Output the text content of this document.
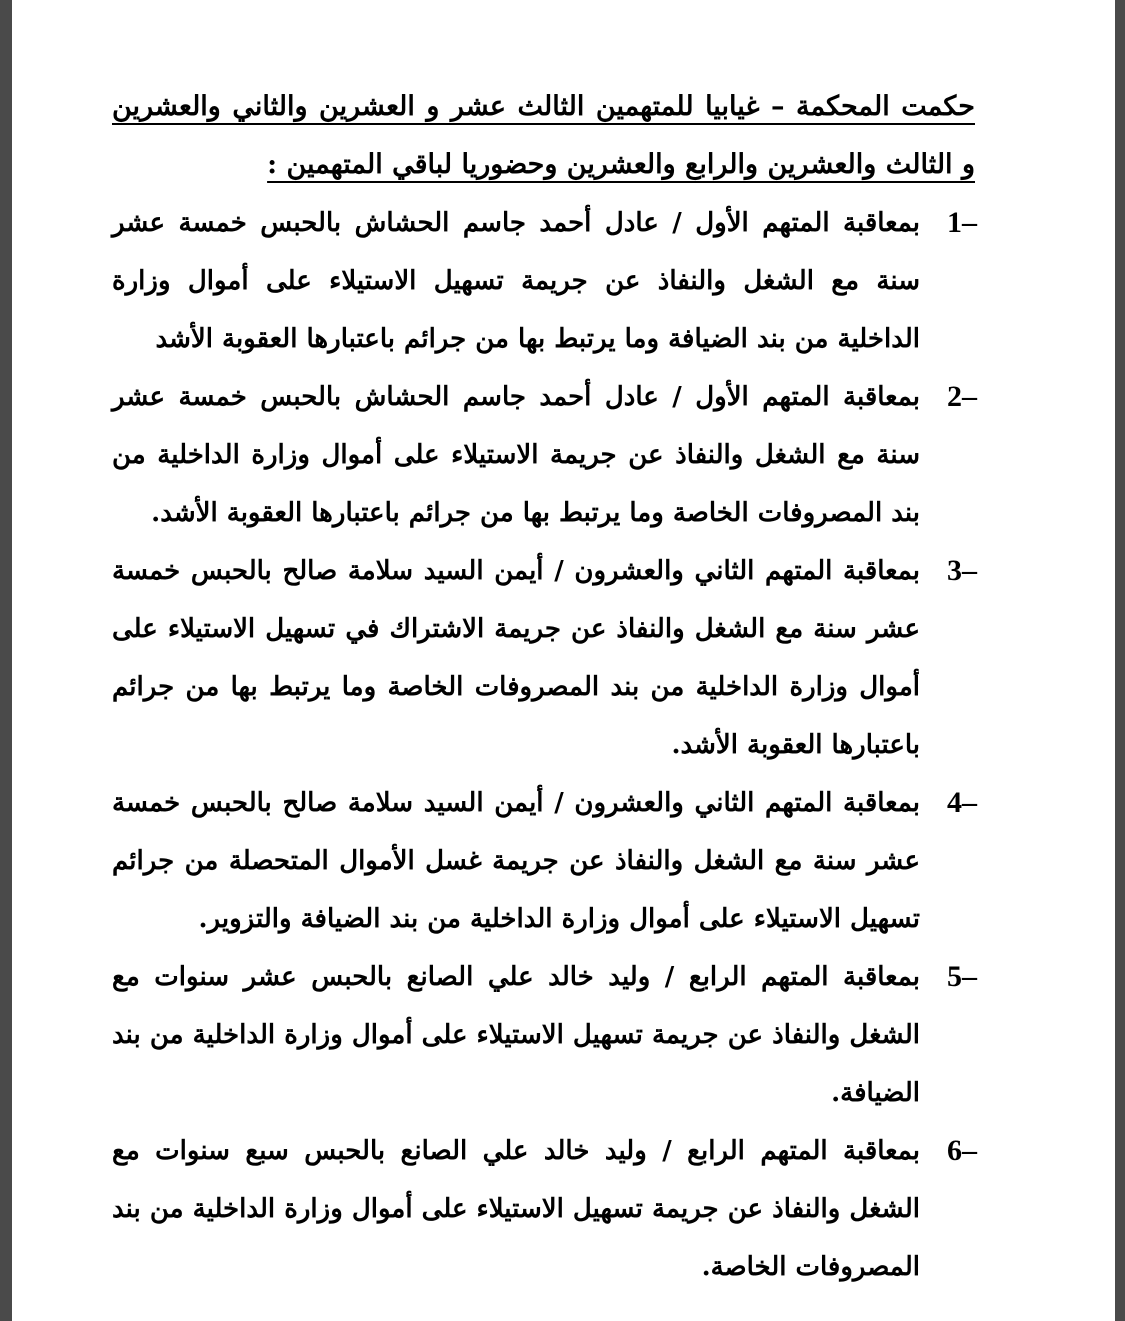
حكمت المحكمة – غيابيا للمتهمين الثالث عشر و العشرين والثاني والعشرين و الثالث والعشرين والرابع والعشرين وحضوريا لباقي المتهمين :

1–
بمعاقبة المتهم الأول / عادل أحمد جاسم الحشاش بالحبس خمسة عشر سنة مع الشغل والنفاذ عن جريمة تسهيل الاستيلاء على أموال وزارة الداخلية من بند الضيافة وما يرتبط بها من جرائم باعتبارها العقوبة الأشد
2–
بمعاقبة المتهم الأول / عادل أحمد جاسم الحشاش بالحبس خمسة عشر سنة مع الشغل والنفاذ عن جريمة الاستيلاء على أموال وزارة الداخلية من بند المصروفات الخاصة وما يرتبط بها من جرائم باعتبارها العقوبة الأشد.
3–
بمعاقبة المتهم الثاني والعشرون / أيمن السيد سلامة صالح بالحبس خمسة عشر سنة مع الشغل والنفاذ عن جريمة الاشتراك في تسهيل الاستيلاء على أموال وزارة الداخلية من بند المصروفات الخاصة وما يرتبط بها من جرائم باعتبارها العقوبة الأشد.
4–
بمعاقبة المتهم الثاني والعشرون / أيمن السيد سلامة صالح بالحبس خمسة عشر سنة مع الشغل والنفاذ عن جريمة غسل الأموال المتحصلة من جرائم تسهيل الاستيلاء على أموال وزارة الداخلية من بند الضيافة والتزوير.
5–
بمعاقبة المتهم الرابع / وليد خالد علي الصانع بالحبس عشر سنوات مع الشغل والنفاذ عن جريمة تسهيل الاستيلاء على أموال وزارة الداخلية من بند الضيافة.
6–
بمعاقبة المتهم الرابع / وليد خالد علي الصانع بالحبس سبع سنوات مع الشغل والنفاذ عن جريمة تسهيل الاستيلاء على أموال وزارة الداخلية من بند المصروفات الخاصة.
